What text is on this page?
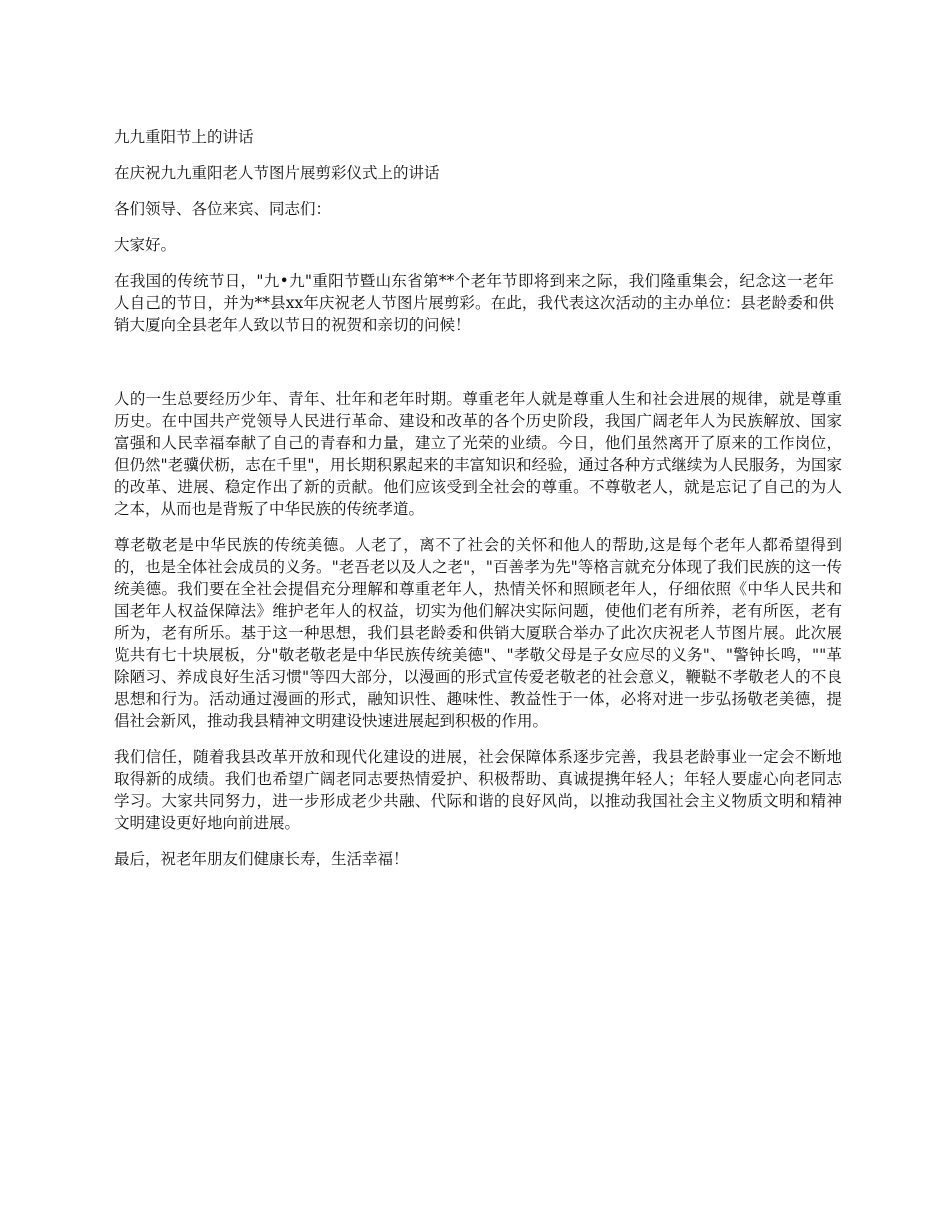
九九重阳节上的讲话

在庆祝九九重阳老人节图片展剪彩仪式上的讲话

各们领导、各位来宾、同志们：

大家好。

在我国的传统节日，"九•九"重阳节暨山东省第**个老年节即将到来之际，我们隆重集会，纪念这一老年人自己的节日，并为**县xx年庆祝老人节图片展剪彩。在此，我代表这次活动的主办单位：县老龄委和供销大厦向全县老年人致以节日的祝贺和亲切的问候！

人的一生总要经历少年、青年、壮年和老年时期。尊重老年人就是尊重人生和社会进展的规律，就是尊重历史。在中国共产党领导人民进行革命、建设和改革的各个历史阶段，我国广阔老年人为民族解放、国家富强和人民幸福奉献了自己的青春和力量，建立了光荣的业绩。今日，他们虽然离开了原来的工作岗位，但仍然"老骥伏枥，志在千里"，用长期积累起来的丰富知识和经验，通过各种方式继续为人民服务，为国家的改革、进展、稳定作出了新的贡献。他们应该受到全社会的尊重。不尊敬老人，就是忘记了自己的为人之本，从而也是背叛了中华民族的传统孝道。

尊老敬老是中华民族的传统美德。人老了，离不了社会的关怀和他人的帮助,这是每个老年人都希望得到的，也是全体社会成员的义务。"老吾老以及人之老"，"百善孝为先"等格言就充分体现了我们民族的这一传统美德。我们要在全社会提倡充分理解和尊重老年人，热情关怀和照顾老年人，仔细依照《中华人民共和国老年人权益保障法》维护老年人的权益，切实为他们解决实际问题，使他们老有所养，老有所医，老有所为，老有所乐。基于这一种思想，我们县老龄委和供销大厦联合举办了此次庆祝老人节图片展。此次展览共有七十块展板，分"敬老敬老是中华民族传统美德"、"孝敬父母是子女应尽的义务"、"警钟长鸣，""革除陋习、养成良好生活习惯"等四大部分，以漫画的形式宣传爱老敬老的社会意义，鞭鞑不孝敬老人的不良思想和行为。活动通过漫画的形式，融知识性、趣味性、教益性于一体，必将对进一步弘扬敬老美德，提倡社会新风，推动我县精神文明建设快速进展起到积极的作用。

我们信任，随着我县改革开放和现代化建设的进展，社会保障体系逐步完善，我县老龄事业一定会不断地取得新的成绩。我们也希望广阔老同志要热情爱护、积极帮助、真诚提携年轻人；年轻人要虚心向老同志学习。大家共同努力，进一步形成老少共融、代际和谐的良好风尚，以推动我国社会主义物质文明和精神文明建设更好地向前进展。

最后，祝老年朋友们健康长寿，生活幸福！
